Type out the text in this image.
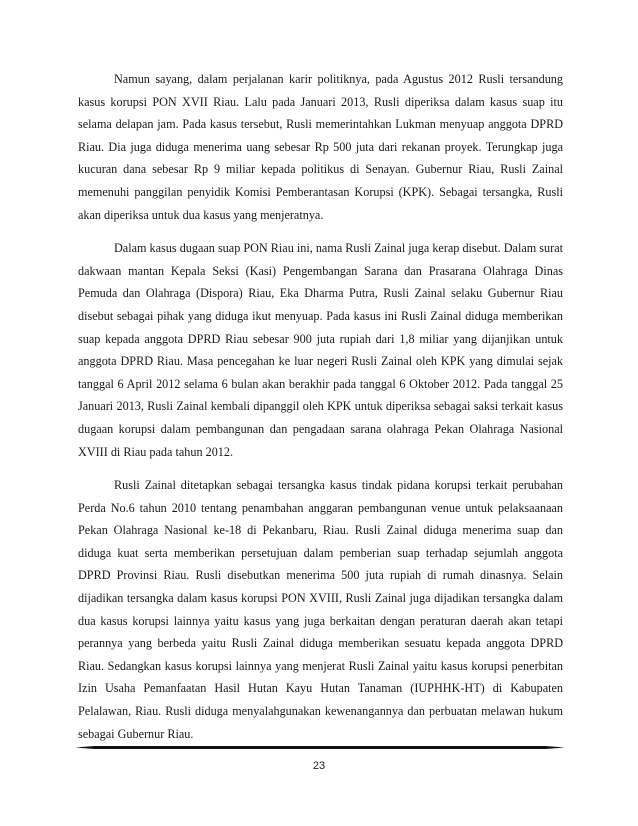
Namun sayang, dalam perjalanan karir politiknya, pada Agustus 2012 Rusli tersandung kasus korupsi PON XVII Riau. Lalu pada Januari 2013, Rusli diperiksa dalam kasus suap itu selama delapan jam. Pada kasus tersebut, Rusli memerintahkan Lukman menyuap anggota DPRD Riau. Dia juga diduga menerima uang sebesar Rp 500 juta dari rekanan proyek. Terungkap juga kucuran dana sebesar Rp 9 miliar kepada politikus di Senayan. Gubernur Riau, Rusli Zainal memenuhi panggilan penyidik Komisi Pemberantasan Korupsi (KPK). Sebagai tersangka, Rusli akan diperiksa untuk dua kasus yang menjeratnya.

Dalam kasus dugaan suap PON Riau ini, nama Rusli Zainal juga kerap disebut. Dalam surat dakwaan mantan Kepala Seksi (Kasi) Pengembangan Sarana dan Prasarana Olahraga Dinas Pemuda dan Olahraga (Dispora) Riau, Eka Dharma Putra, Rusli Zainal selaku Gubernur Riau disebut sebagai pihak yang diduga ikut menyuap. Pada kasus ini Rusli Zainal diduga memberikan suap kepada anggota DPRD Riau sebesar 900 juta rupiah dari 1,8 miliar yang dijanjikan untuk anggota DPRD Riau. Masa pencegahan ke luar negeri Rusli Zainal oleh KPK yang dimulai sejak tanggal 6 April 2012 selama 6 bulan akan berakhir pada tanggal 6 Oktober 2012. Pada tanggal 25 Januari 2013, Rusli Zainal kembali dipanggil oleh KPK untuk diperiksa sebagai saksi terkait kasus dugaan korupsi dalam pembangunan dan pengadaan sarana olahraga Pekan Olahraga Nasional XVIII di Riau pada tahun 2012.

Rusli Zainal ditetapkan sebagai tersangka kasus tindak pidana korupsi terkait perubahan Perda No.6 tahun 2010 tentang penambahan anggaran pembangunan venue untuk pelaksaanaan Pekan Olahraga Nasional ke-18 di Pekanbaru, Riau. Rusli Zainal diduga menerima suap dan diduga kuat serta memberikan persetujuan dalam pemberian suap terhadap sejumlah anggota DPRD Provinsi Riau. Rusli disebutkan menerima 500 juta rupiah di rumah dinasnya. Selain dijadikan tersangka dalam kasus korupsi PON XVIII, Rusli Zainal juga dijadikan tersangka dalam dua kasus korupsi lainnya yaitu kasus yang juga berkaitan dengan peraturan daerah akan tetapi perannya yang berbeda yaitu Rusli Zainal diduga memberikan sesuatu kepada anggota DPRD Riau. Sedangkan kasus korupsi lainnya yang menjerat Rusli Zainal yaitu kasus korupsi penerbitan Izin Usaha Pemanfaatan Hasil Hutan Kayu Hutan Tanaman (IUPHHK-HT) di Kabupaten Pelalawan, Riau. Rusli diduga menyalahgunakan kewenangannya dan perbuatan melawan hukum sebagai Gubernur Riau.

23
